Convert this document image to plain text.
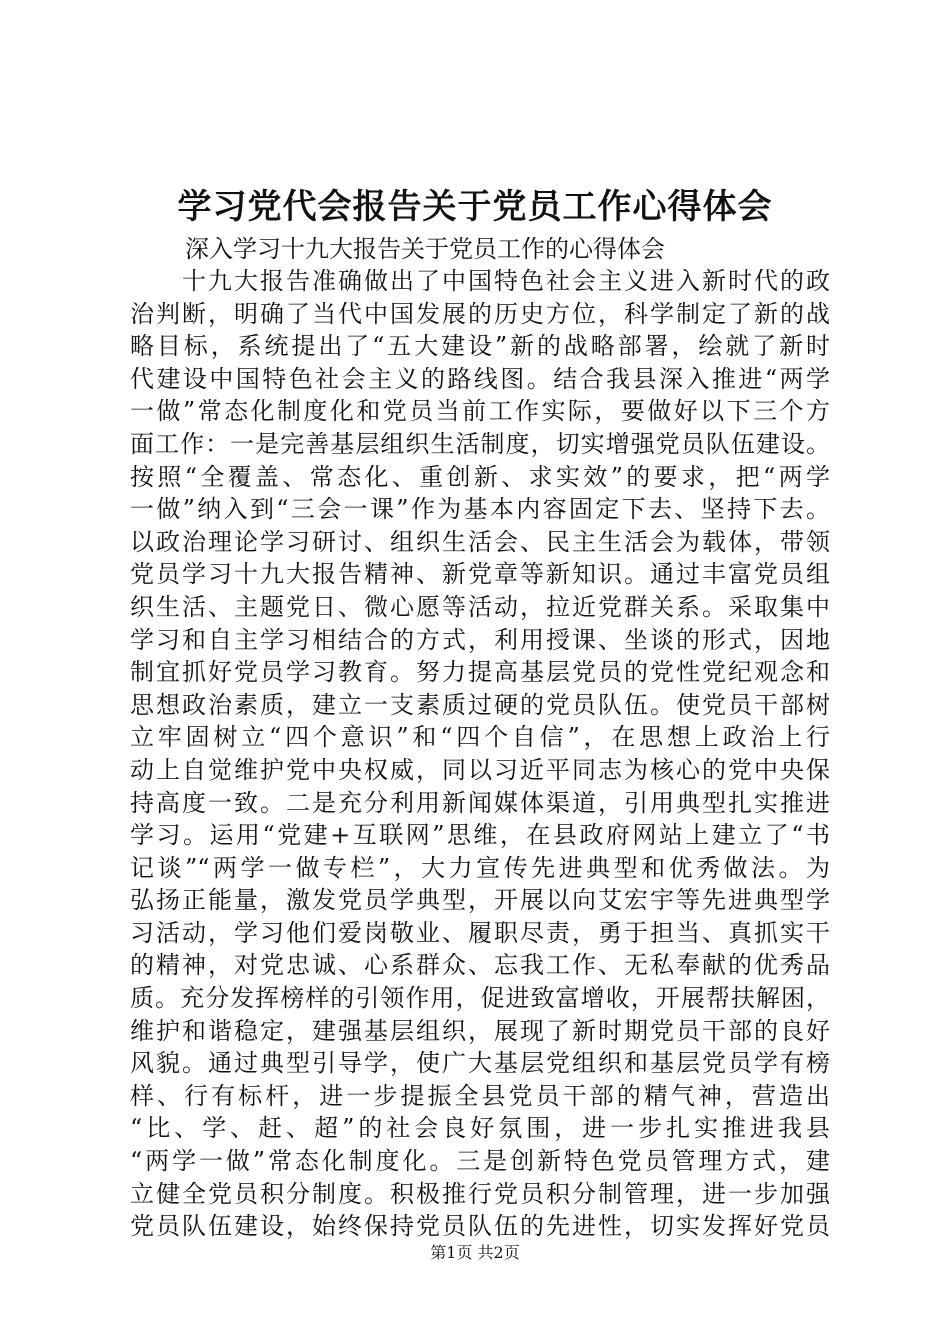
学习党代会报告关于党员工作心得体会

深入学习十九大报告关于党员工作的心得体会

十九大报告准确做出了中国特色社会主义进入新时代的政
治判断，明确了当代中国发展的历史方位，科学制定了新的战
略目标，系统提出了“五大建设”新的战略部署，绘就了新时
代建设中国特色社会主义的路线图。结合我县深入推进“两学
一做”常态化制度化和党员当前工作实际，要做好以下三个方
面工作：一是完善基层组织生活制度，切实增强党员队伍建设。
按照“全覆盖、常态化、重创新、求实效”的要求，把“两学
一做”纳入到“三会一课”作为基本内容固定下去、坚持下去。
以政治理论学习研讨、组织生活会、民主生活会为载体，带领
党员学习十九大报告精神、新党章等新知识。通过丰富党员组
织生活、主题党日、微心愿等活动，拉近党群关系。采取集中
学习和自主学习相结合的方式，利用授课、坐谈的形式，因地
制宜抓好党员学习教育。努力提高基层党员的党性党纪观念和
思想政治素质，建立一支素质过硬的党员队伍。使党员干部树
立牢固树立“四个意识”和“四个自信”，在思想上政治上行
动上自觉维护党中央权威，同以习近平同志为核心的党中央保
持高度一致。二是充分利用新闻媒体渠道，引用典型扎实推进
学习。运用“党建+互联网”思维，在县政府网站上建立了“书
记谈”“两学一做专栏”，大力宣传先进典型和优秀做法。为
弘扬正能量，激发党员学典型，开展以向艾宏宇等先进典型学
习活动，学习他们爱岗敬业、履职尽责，勇于担当、真抓实干
的精神，对党忠诚、心系群众、忘我工作、无私奉献的优秀品
质。充分发挥榜样的引领作用，促进致富增收，开展帮扶解困，
维护和谐稳定，建强基层组织，展现了新时期党员干部的良好
风貌。通过典型引导学，使广大基层党组织和基层党员学有榜
样、行有标杆，进一步提振全县党员干部的精气神，营造出
“比、学、赶、超”的社会良好氛围，进一步扎实推进我县
“两学一做”常态化制度化。三是创新特色党员管理方式，建
立健全党员积分制度。积极推行党员积分制管理，进一步加强
党员队伍建设，始终保持党员队伍的先进性，切实发挥好党员

第1页 共2页
